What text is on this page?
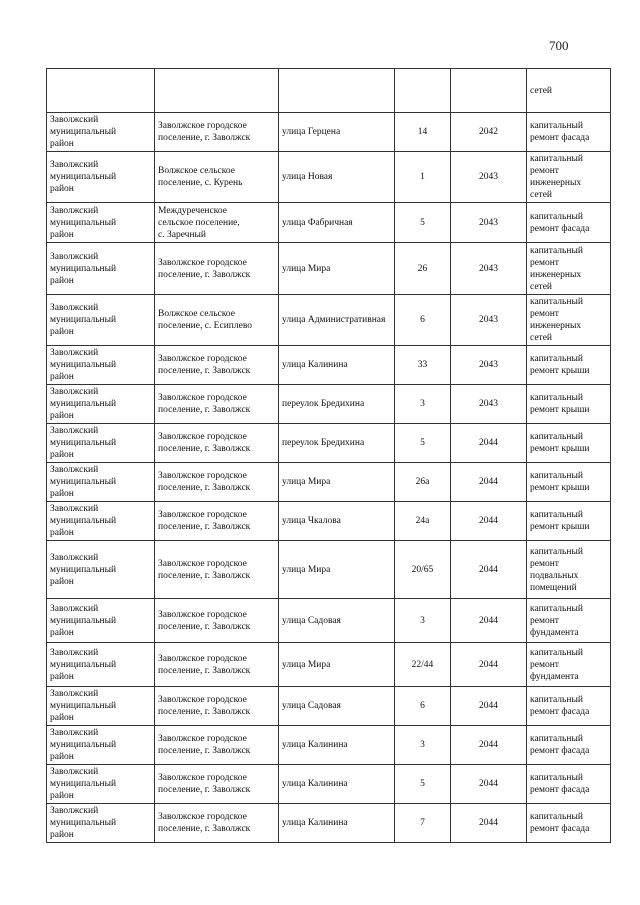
700

					сетей

Заволжский
муниципальный
район	Заволжское городское
поселение, г. Заволжск	улица Герцена	14	2042	капитальный
ремонт фасада

Заволжский
муниципальный
район	Волжское сельское
поселение, с. Курень	улица Новая	1	2043	капитальный
ремонт
инженерных
сетей

Заволжский
муниципальный
район	Междуреченское
сельское поселение,
с. Заречный	улица Фабричная	5	2043	капитальный
ремонт фасада

Заволжский
муниципальный
район	Заволжское городское
поселение, г. Заволжск	улица Мира	26	2043	капитальный
ремонт
инженерных
сетей

Заволжский
муниципальный
район	Волжское сельское
поселение, с. Есиплево	улица Административная	6	2043	капитальный
ремонт
инженерных
сетей

Заволжский
муниципальный
район	Заволжское городское
поселение, г. Заволжск	улица Калинина	33	2043	капитальный
ремонт крыши

Заволжский
муниципальный
район	Заволжское городское
поселение, г. Заволжск	переулок Бредихина	3	2043	капитальный
ремонт крыши

Заволжский
муниципальный
район	Заволжское городское
поселение, г. Заволжск	переулок Бредихина	5	2044	капитальный
ремонт крыши

Заволжский
муниципальный
район	Заволжское городское
поселение, г. Заволжск	улица Мира	26а	2044	капитальный
ремонт крыши

Заволжский
муниципальный
район	Заволжское городское
поселение, г. Заволжск	улица Чкалова	24а	2044	капитальный
ремонт крыши

Заволжский
муниципальный
район	Заволжское городское
поселение, г. Заволжск	улица Мира	20/65	2044	капитальный
ремонт
подвальных
помещений

Заволжский
муниципальный
район	Заволжское городское
поселение, г. Заволжск	улица Садовая	3	2044	капитальный
ремонт
фундамента

Заволжский
муниципальный
район	Заволжское городское
поселение, г. Заволжск	улица Мира	22/44	2044	капитальный
ремонт
фундамента

Заволжский
муниципальный
район	Заволжское городское
поселение, г. Заволжск	улица Садовая	6	2044	капитальный
ремонт фасада

Заволжский
муниципальный
район	Заволжское городское
поселение, г. Заволжск	улица Калинина	3	2044	капитальный
ремонт фасада

Заволжский
муниципальный
район	Заволжское городское
поселение, г. Заволжск	улица Калинина	5	2044	капитальный
ремонт фасада

Заволжский
муниципальный
район	Заволжское городское
поселение, г. Заволжск	улица Калинина	7	2044	капитальный
ремонт фасада
